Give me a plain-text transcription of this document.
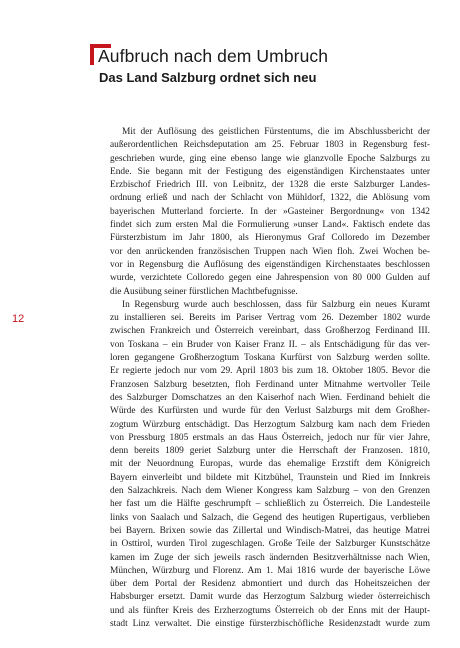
Aufbruch nach dem Umbruch
Das Land Salzburg ordnet sich neu
12
Mit der Auflösung des geistlichen Fürstentums, die im Abschlussbericht der
außerordentlichen Reichsdeputation am 25. Februar 1803 in Regensburg fest-
geschrieben wurde, ging eine ebenso lange wie glanzvolle Epoche Salzburgs zu
Ende. Sie begann mit der Festigung des eigenständigen Kirchenstaates unter
Erzbischof Friedrich III. von Leibnitz, der 1328 die erste Salzburger Landes-
ordnung erließ und nach der Schlacht von Mühldorf, 1322, die Ablösung vom
bayerischen Mutterland forcierte. In der »Gasteiner Bergordnung« von 1342
findet sich zum ersten Mal die Formulierung »unser Land«. Faktisch endete das
Fürsterzbistum im Jahr 1800, als Hieronymus Graf Colloredo im Dezember
vor den anrückenden französischen Truppen nach Wien floh. Zwei Wochen be-
vor in Regensburg die Auflösung des eigenständigen Kirchenstaates beschlossen
wurde, verzichtete Colloredo gegen eine Jahrespension von 80 000 Gulden auf
die Ausübung seiner fürstlichen Machtbefugnisse.
In Regensburg wurde auch beschlossen, dass für Salzburg ein neues Kuramt
zu installieren sei. Bereits im Pariser Vertrag vom 26. Dezember 1802 wurde
zwischen Frankreich und Österreich vereinbart, dass Großherzog Ferdinand III.
von Toskana – ein Bruder von Kaiser Franz II. – als Entschädigung für das ver-
loren gegangene Großherzogtum Toskana Kurfürst von Salzburg werden sollte.
Er regierte jedoch nur vom 29. April 1803 bis zum 18. Oktober 1805. Bevor die
Franzosen Salzburg besetzten, floh Ferdinand unter Mitnahme wertvoller Teile
des Salzburger Domschatzes an den Kaiserhof nach Wien. Ferdinand behielt die
Würde des Kurfürsten und wurde für den Verlust Salzburgs mit dem Großher-
zogtum Würzburg entschädigt. Das Herzogtum Salzburg kam nach dem Frieden
von Pressburg 1805 erstmals an das Haus Österreich, jedoch nur für vier Jahre,
denn bereits 1809 geriet Salzburg unter die Herrschaft der Franzosen. 1810,
mit der Neuordnung Europas, wurde das ehemalige Erzstift dem Königreich
Bayern einverleibt und bildete mit Kitzbühel, Traunstein und Ried im Innkreis
den Salzachkreis. Nach dem Wiener Kongress kam Salzburg – von den Grenzen
her fast um die Hälfte geschrumpft – schließlich zu Österreich. Die Landesteile
links von Saalach und Salzach, die Gegend des heutigen Rupertigaus, verblieben
bei Bayern. Brixen sowie das Zillertal und Windisch-Matrei, das heutige Matrei
in Osttirol, wurden Tirol zugeschlagen. Große Teile der Salzburger Kunstschätze
kamen im Zuge der sich jeweils rasch ändernden Besitzverhältnisse nach Wien,
München, Würzburg und Florenz. Am 1. Mai 1816 wurde der bayerische Löwe
über dem Portal der Residenz abmontiert und durch das Hoheitszeichen der
Habsburger ersetzt. Damit wurde das Herzogtum Salzburg wieder österreichisch
und als fünfter Kreis des Erzherzogtums Österreich ob der Enns mit der Haupt-
stadt Linz verwaltet. Die einstige fürsterzbischöfliche Residenzstadt wurde zum
